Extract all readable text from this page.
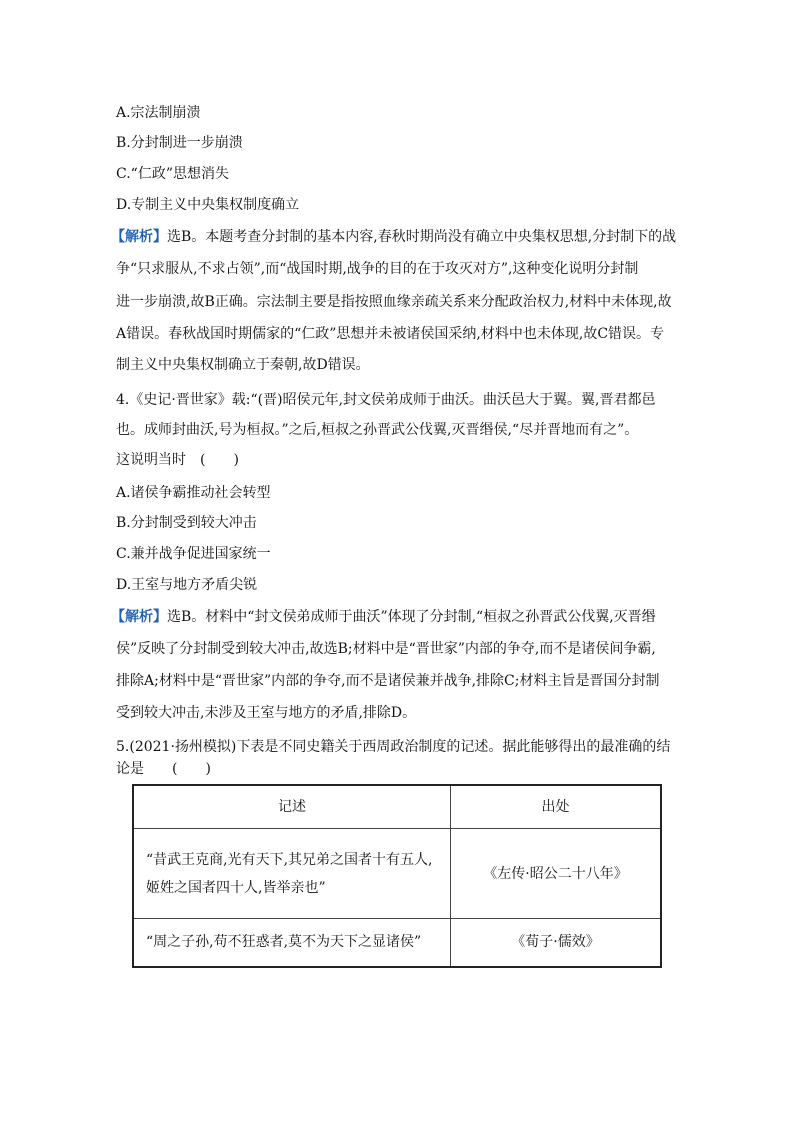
A.宗法制崩溃
B.分封制进一步崩溃
C.“仁政”思想消失
D.专制主义中央集权制度确立
【解析】选B。本题考查分封制的基本内容,春秋时期尚没有确立中央集权思想,分封制下的战
争“只求服从,不求占领”,而“战国时期,战争的目的在于攻灭对方”,这种变化说明分封制
进一步崩溃,故B正确。宗法制主要是指按照血缘亲疏关系来分配政治权力,材料中未体现,故
A错误。春秋战国时期儒家的“仁政”思想并未被诸侯国采纳,材料中也未体现,故C错误。专
制主义中央集权制确立于秦朝,故D错误。
4.《史记·晋世家》载:“(晋)昭侯元年,封文侯弟成师于曲沃。曲沃邑大于翼。翼,晋君都邑
也。成师封曲沃,号为桓叔。”之后,桓叔之孙晋武公伐翼,灭晋缗侯,“尽并晋地而有之”。
这说明当时　(　　)
A.诸侯争霸推动社会转型
B.分封制受到较大冲击
C.兼并战争促进国家统一
D.王室与地方矛盾尖锐
【解析】选B。材料中“封文侯弟成师于曲沃”体现了分封制,“桓叔之孙晋武公伐翼,灭晋缗
侯”反映了分封制受到较大冲击,故选B;材料中是“晋世家”内部的争夺,而不是诸侯间争霸,
排除A;材料中是“晋世家”内部的争夺,而不是诸侯兼并战争,排除C;材料主旨是晋国分封制
受到较大冲击,未涉及王室与地方的矛盾,排除D。
5.(2021·扬州模拟)下表是不同史籍关于西周政治制度的记述。据此能够得出的最准确的结
论是　　(　　)
记述	出处
“昔武王克商,光有天下,其兄弟之国者十有五人,姬姓之国者四十人,皆举亲也”	《左传·昭公二十八年》
“周之子孙,苟不狂惑者,莫不为天下之显诸侯”	《荀子·儒效》
